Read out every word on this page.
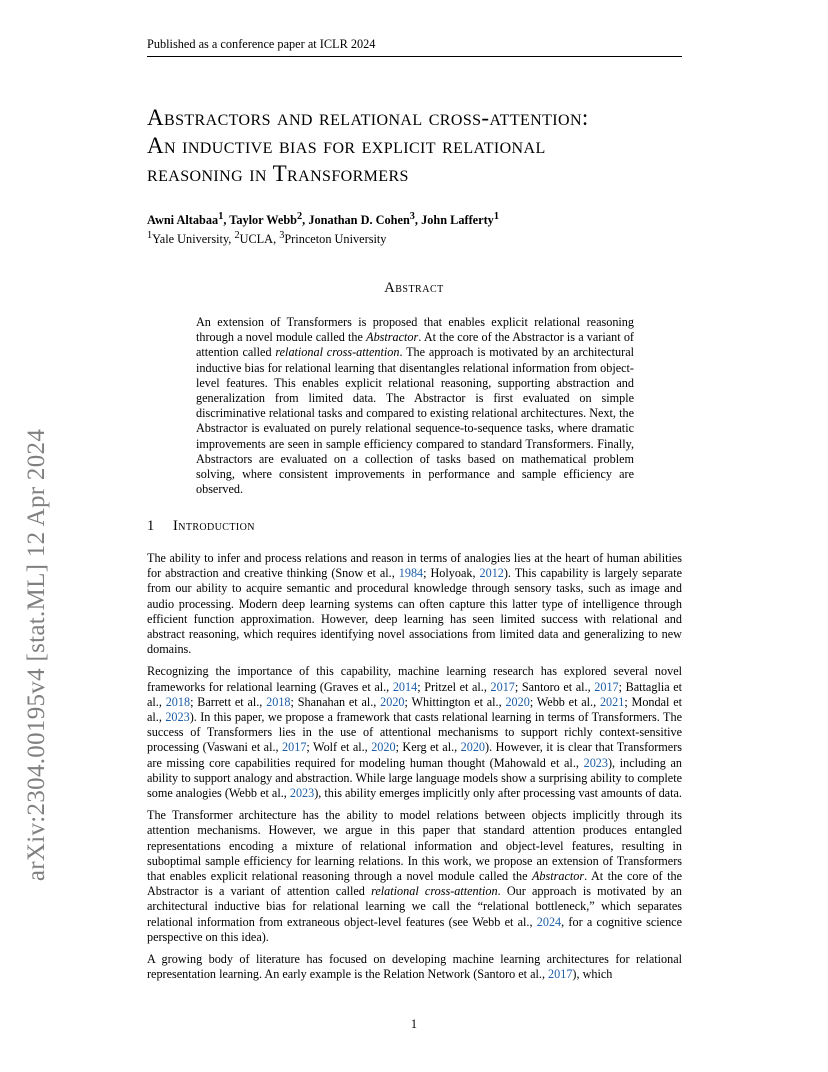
Published as a conference paper at ICLR 2024
arXiv:2304.00195v4 [stat.ML] 12 Apr 2024
Abstractors and relational cross-attention:
An inductive bias for explicit relational
reasoning in Transformers
Awni Altabaa$^1$, Taylor Webb$^2$, Jonathan D. Cohen$^3$, John Lafferty$^1$
$^1$Yale University, $^2$UCLA, $^3$Princeton University
Abstract

An extension of Transformers is proposed that enables explicit relational reasoning through a novel module called the Abstractor. At the core of the Abstractor is a variant of attention called relational cross-attention. The approach is motivated by an architectural inductive bias for relational learning that disentangles relational information from object-level features. This enables explicit relational reasoning, supporting abstraction and generalization from limited data. The Abstractor is first evaluated on simple discriminative relational tasks and compared to existing relational architectures. Next, the Abstractor is evaluated on purely relational sequence-to-sequence tasks, where dramatic improvements are seen in sample efficiency compared to standard Transformers. Finally, Abstractors are evaluated on a collection of tasks based on mathematical problem solving, where consistent improvements in performance and sample efficiency are observed.

1 Introduction

The ability to infer and process relations and reason in terms of analogies lies at the heart of human abilities for abstraction and creative thinking (Snow et al., 1984; Holyoak, 2012). This capability is largely separate from our ability to acquire semantic and procedural knowledge through sensory tasks, such as image and audio processing. Modern deep learning systems can often capture this latter type of intelligence through efficient function approximation. However, deep learning has seen limited success with relational and abstract reasoning, which requires identifying novel associations from limited data and generalizing to new domains.

Recognizing the importance of this capability, machine learning research has explored several novel frameworks for relational learning (Graves et al., 2014; Pritzel et al., 2017; Santoro et al., 2017; Battaglia et al., 2018; Barrett et al., 2018; Shanahan et al., 2020; Whittington et al., 2020; Webb et al., 2021; Mondal et al., 2023). In this paper, we propose a framework that casts relational learning in terms of Transformers. The success of Transformers lies in the use of attentional mechanisms to support richly context-sensitive processing (Vaswani et al., 2017; Wolf et al., 2020; Kerg et al., 2020). However, it is clear that Transformers are missing core capabilities required for modeling human thought (Mahowald et al., 2023), including an ability to support analogy and abstraction. While large language models show a surprising ability to complete some analogies (Webb et al., 2023), this ability emerges implicitly only after processing vast amounts of data.

The Transformer architecture has the ability to model relations between objects implicitly through its attention mechanisms. However, we argue in this paper that standard attention produces entangled representations encoding a mixture of relational information and object-level features, resulting in suboptimal sample efficiency for learning relations. In this work, we propose an extension of Transformers that enables explicit relational reasoning through a novel module called the Abstractor. At the core of the Abstractor is a variant of attention called relational cross-attention. Our approach is motivated by an architectural inductive bias for relational learning we call the “relational bottleneck,” which separates relational information from extraneous object-level features (see Webb et al., 2024, for a cognitive science perspective on this idea).

A growing body of literature has focused on developing machine learning architectures for relational representation learning. An early example is the Relation Network (Santoro et al., 2017), which

1
